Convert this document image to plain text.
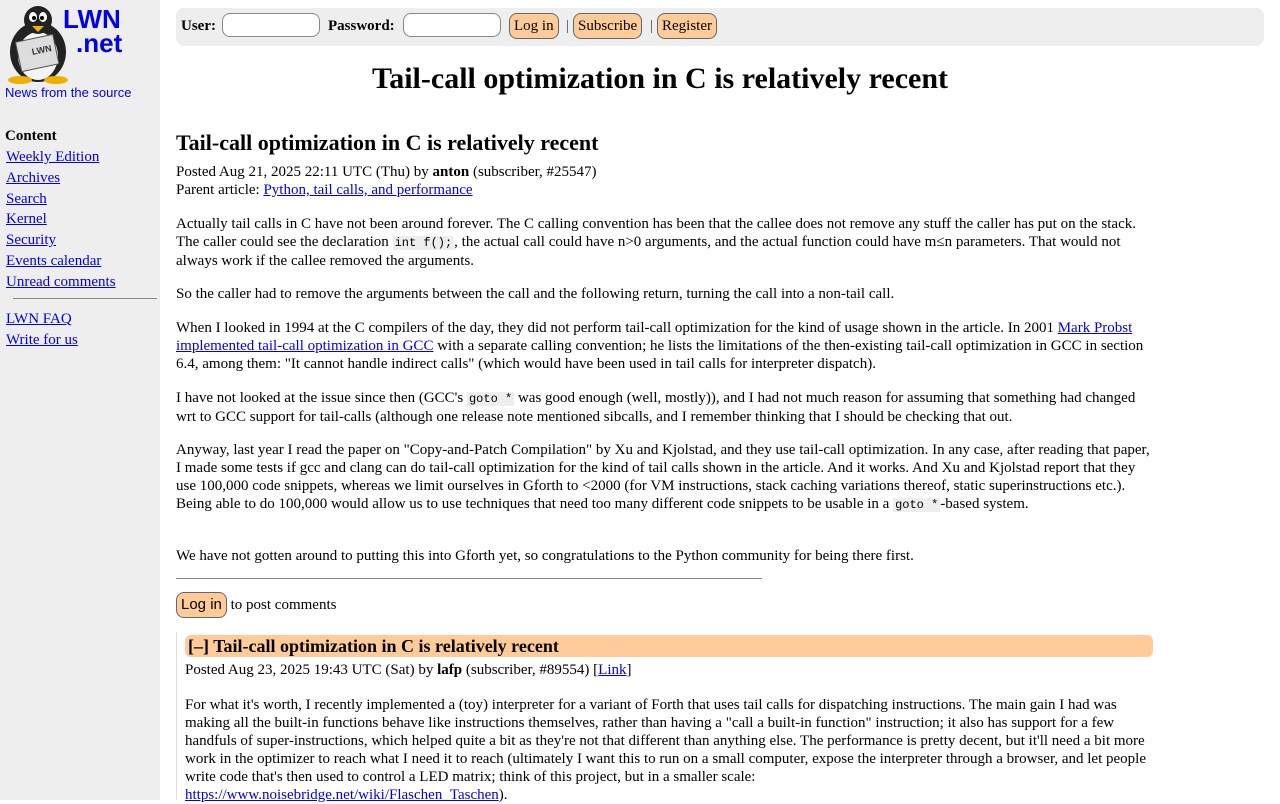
LWN
LWN
.net
News from the source
Content
Weekly Edition
Archives
Search
Kernel
Security
Events calendar
Unread comments
LWN FAQ
Write for us
User:	Password:	Log in | Subscribe | Register
Tail-call optimization in C is relatively recent
Tail-call optimization in C is relatively recent
Posted Aug 21, 2025 22:11 UTC (Thu) by anton (subscriber, #25547)
Parent article: Python, tail calls, and performance

Actually tail calls in C have not been around forever. The C calling convention has been that the callee does not remove any stuff the caller has put on the stack. The caller could see the declaration int f(); , the actual call could have n>0 arguments, and the actual function could have m≤n parameters. That would not always work if the callee removed the arguments.

So the caller had to remove the arguments between the call and the following return, turning the call into a non-tail call.

When I looked in 1994 at the C compilers of the day, they did not perform tail-call optimization for the kind of usage shown in the article. In 2001 Mark Probst implemented tail-call optimization in GCC with a separate calling convention; he lists the limitations of the then-existing tail-call optimization in GCC in section 6.4, among them: "It cannot handle indirect calls" (which would have been used in tail calls for interpreter dispatch).

I have not looked at the issue since then (GCC's goto * was good enough (well, mostly)), and I had not much reason for assuming that something had changed wrt to GCC support for tail-calls (although one release note mentioned sibcalls, and I remember thinking that I should be checking that out.

Anyway, last year I read the paper on "Copy-and-Patch Compilation" by Xu and Kjolstad, and they use tail-call optimization. In any case, after reading that paper, I made some tests if gcc and clang can do tail-call optimization for the kind of tail calls shown in the article. And it works. And Xu and Kjolstad report that they use 100,000 code snippets, whereas we limit ourselves in Gforth to <2000 (for VM instructions, stack caching variations thereof, static superinstructions etc.). Being able to do 100,000 would allow us to use techniques that need too many different code snippets to be usable in a goto * -based system.

We have not gotten around to putting this into Gforth yet, so congratulations to the Python community for being there first.

Log in to post comments
[–] Tail-call optimization in C is relatively recent
Posted Aug 23, 2025 19:43 UTC (Sat) by lafp (subscriber, #89554) [Link]

For what it's worth, I recently implemented a (toy) interpreter for a variant of Forth that uses tail calls for dispatching instructions. The main gain I had was making all the built-in functions behave like instructions themselves, rather than having a "call a built-in function" instruction; it also has support for a few handfuls of super-instructions, which helped quite a bit as they're not that different than anything else. The performance is pretty decent, but it'll need a bit more work in the optimizer to reach what I need it to reach (ultimately I want this to run on a small computer, expose the interpreter through a browser, and let people write code that's then used to control a LED matrix; think of this project, but in a smaller scale:
https://www.noisebridge.net/wiki/Flaschen_Taschen).
